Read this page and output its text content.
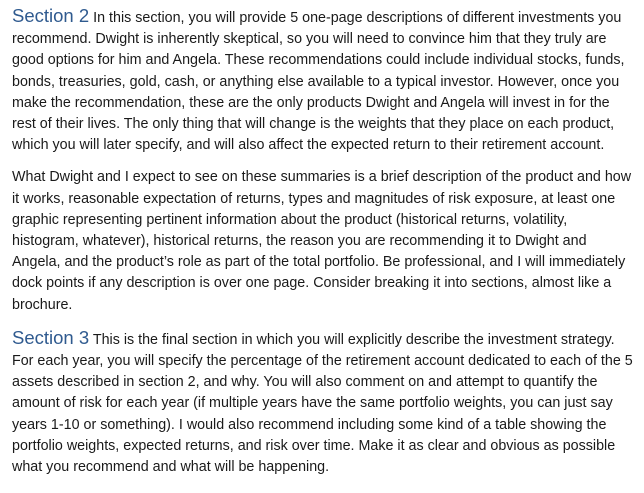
Section 2 In this section, you will provide 5 one-page descriptions of different investments you recommend. Dwight is inherently skeptical, so you will need to convince him that they truly are good options for him and Angela. These recommendations could include individual stocks, funds, bonds, treasuries, gold, cash, or anything else available to a typical investor. However, once you make the recommendation, these are the only products Dwight and Angela will invest in for the rest of their lives. The only thing that will change is the weights that they place on each product, which you will later specify, and will also affect the expected return to their retirement account.

What Dwight and I expect to see on these summaries is a brief description of the product and how it works, reasonable expectation of returns, types and magnitudes of risk exposure, at least one graphic representing pertinent information about the product (historical returns, volatility, histogram, whatever), historical returns, the reason you are recommending it to Dwight and Angela, and the product’s role as part of the total portfolio. Be professional, and I will immediately dock points if any description is over one page. Consider breaking it into sections, almost like a brochure.

Section 3 This is the final section in which you will explicitly describe the investment strategy. For each year, you will specify the percentage of the retirement account dedicated to each of the 5 assets described in section 2, and why. You will also comment on and attempt to quantify the amount of risk for each year (if multiple years have the same portfolio weights, you can just say years 1-10 or something). I would also recommend including some kind of a table showing the portfolio weights, expected returns, and risk over time. Make it as clear and obvious as possible what you recommend and what will be happening.
